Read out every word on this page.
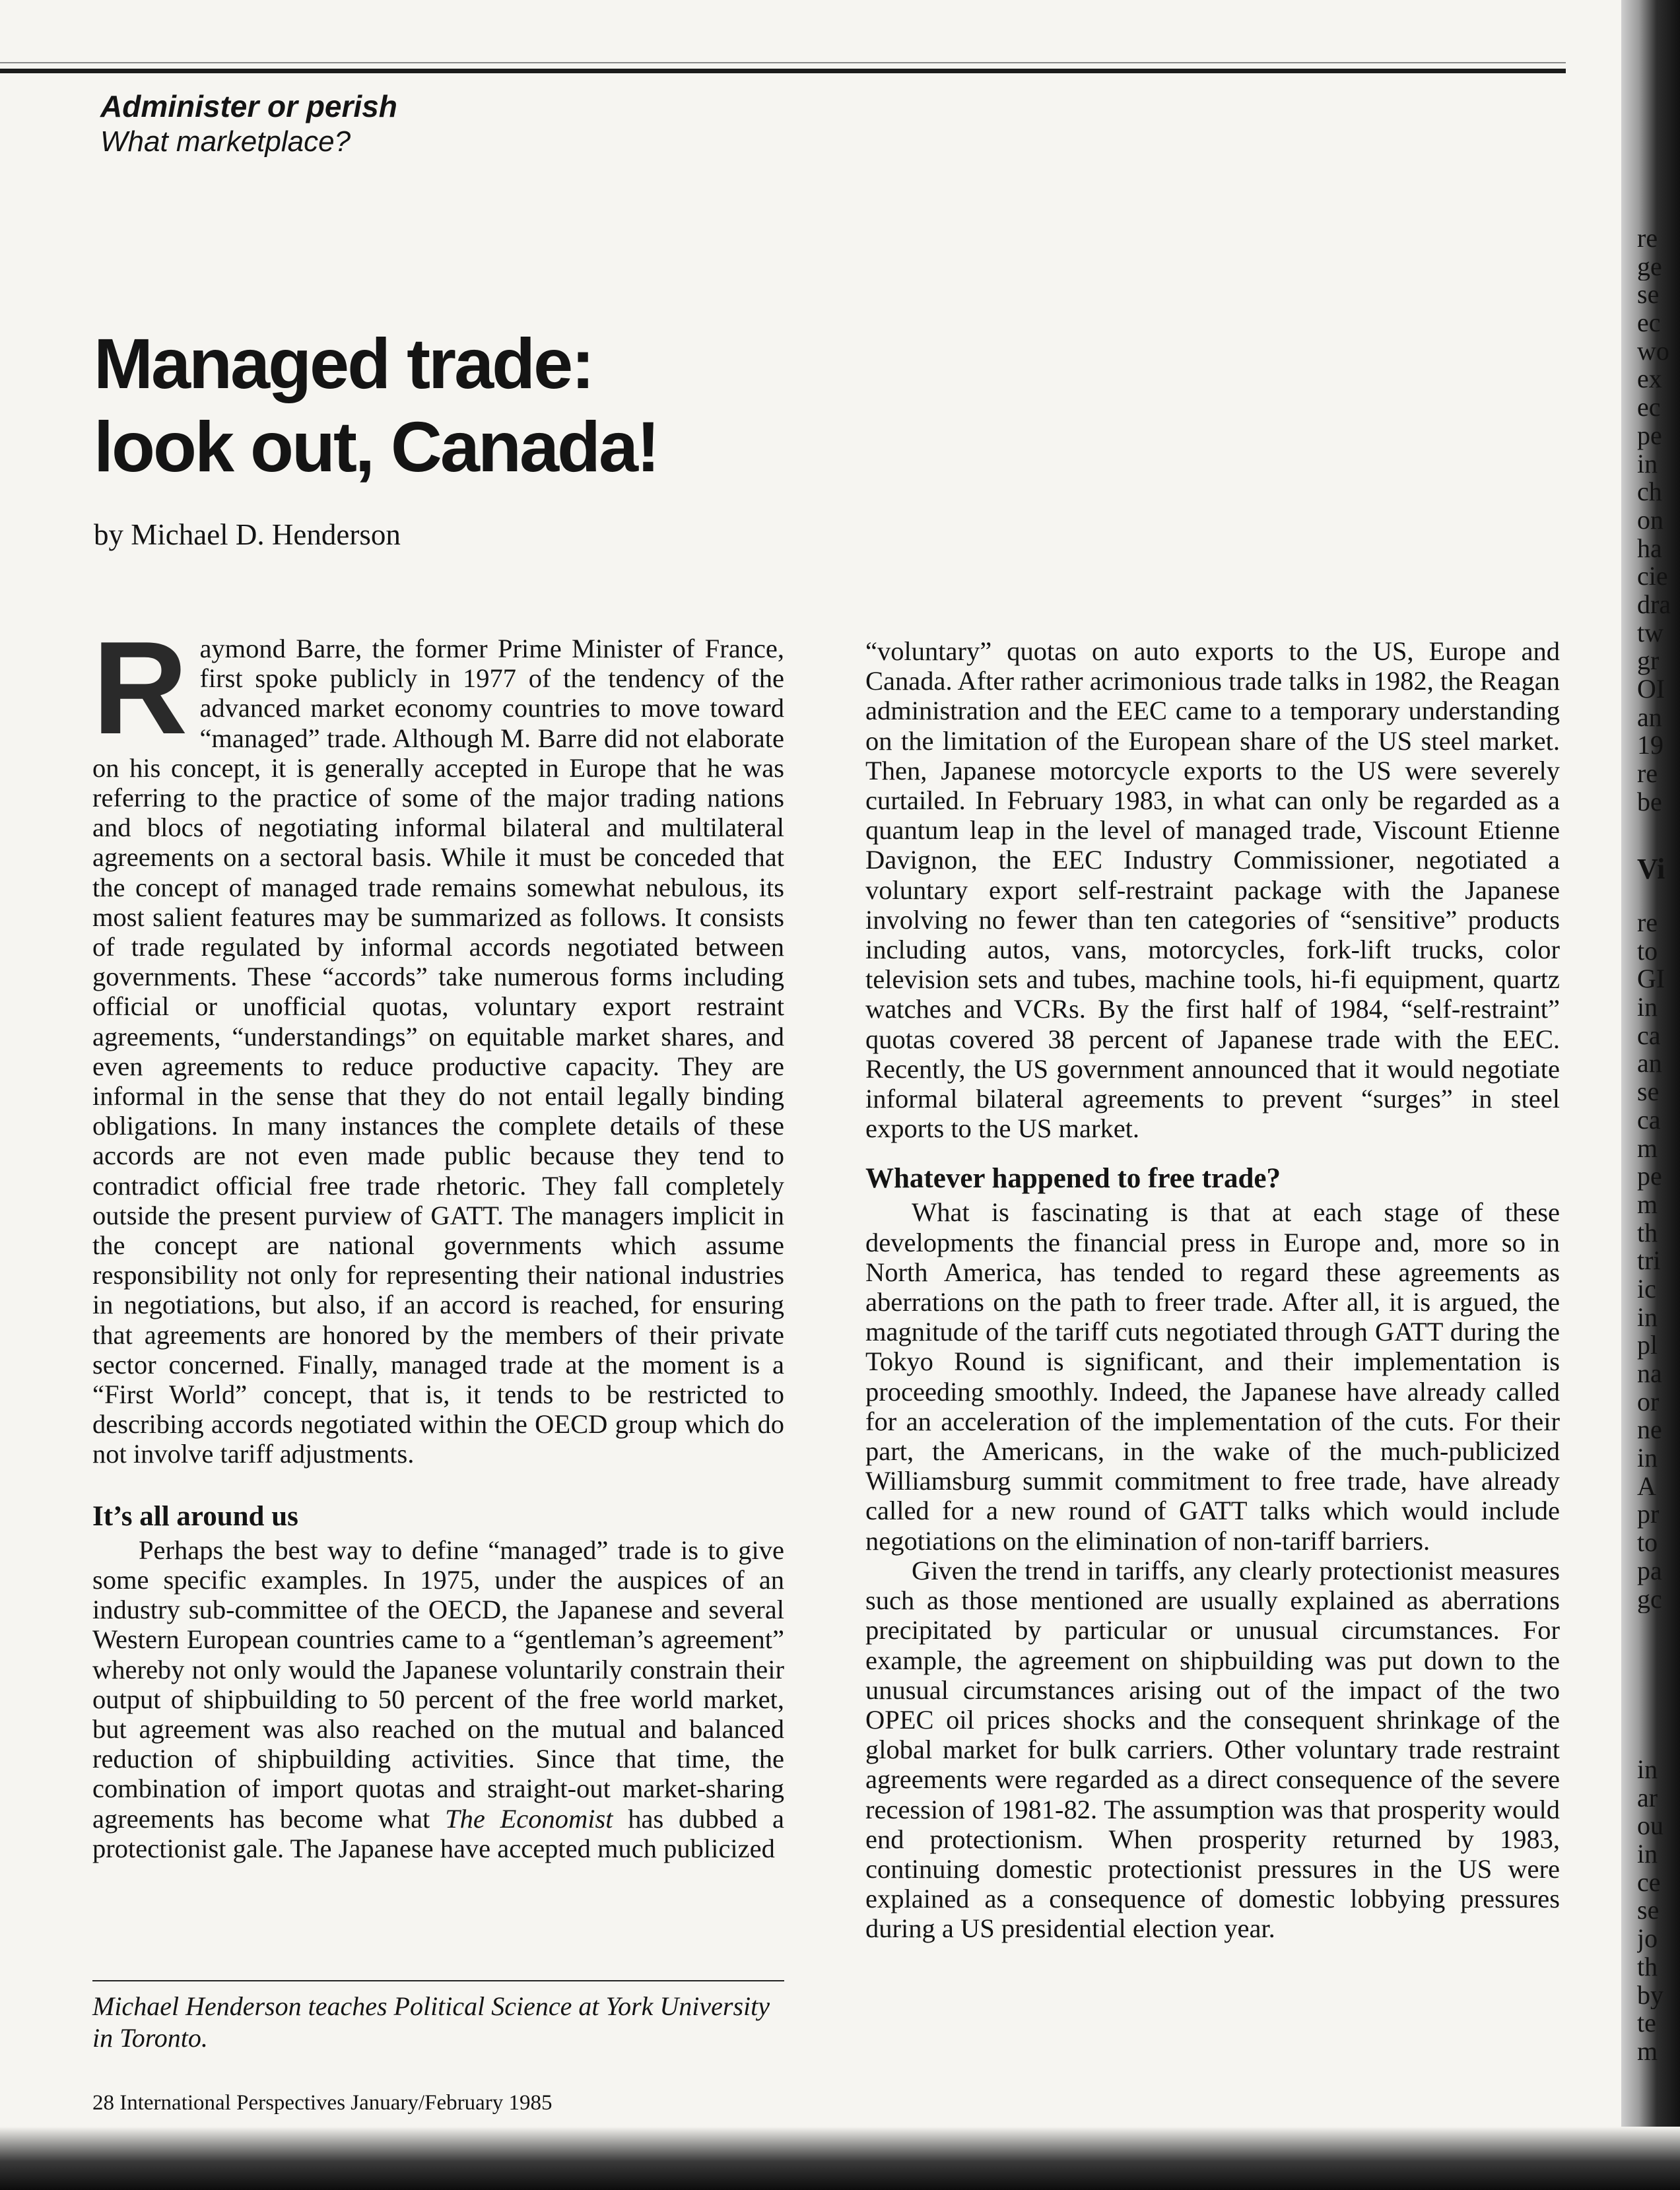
Administer or perish
What marketplace?
Managed trade:
look out, Canada!
by Michael D. Henderson

Raymond Barre, the former Prime Minister of France, first spoke publicly in 1977 of the tendency of the advanced market economy countries to move toward “managed” trade. Although M. Barre did not elaborate on his concept, it is generally accepted in Europe that he was referring to the practice of some of the major trading nations and blocs of negotiating informal bilateral and multilateral agreements on a sectoral basis. While it must be conceded that the concept of managed trade remains somewhat nebulous, its most salient features may be summarized as follows. It consists of trade regulated by informal accords negotiated between governments. These “accords” take numerous forms including official or unofficial quotas, voluntary export restraint agreements, “understandings” on equitable market shares, and even agreements to reduce productive capacity. They are informal in the sense that they do not entail legally binding obligations. In many instances the complete details of these accords are not even made public because they tend to contradict official free trade rhetoric. They fall completely outside the present purview of GATT. The managers implicit in the concept are national governments which assume responsibility not only for representing their national industries in negotiations, but also, if an accord is reached, for ensuring that agreements are honored by the members of their private sector concerned. Finally, managed trade at the moment is a “First World” concept, that is, it tends to be restricted to describing accords negotiated within the OECD group which do not involve tariff adjustments.

It’s all around us

Perhaps the best way to define “managed” trade is to give some specific examples. In 1975, under the auspices of an industry sub-committee of the OECD, the Japanese and several Western European countries came to a “gentleman’s agreement” whereby not only would the Japanese voluntarily constrain their output of shipbuilding to 50 percent of the free world market, but agreement was also reached on the mutual and balanced reduction of shipbuilding activities. Since that time, the combination of import quotas and straight-out market-sharing agreements has become what The Economist has dubbed a protectionist gale. The Japanese have accepted much publicized

“voluntary” quotas on auto exports to the US, Europe and Canada. After rather acrimonious trade talks in 1982, the Reagan administration and the EEC came to a temporary understanding on the limitation of the European share of the US steel market. Then, Japanese motorcycle exports to the US were severely curtailed. In February 1983, in what can only be regarded as a quantum leap in the level of managed trade, Viscount Etienne Davignon, the EEC Industry Commissioner, negotiated a voluntary export self-restraint package with the Japanese involving no fewer than ten categories of “sensitive” products including autos, vans, motorcycles, fork-lift trucks, color television sets and tubes, machine tools, hi-fi equipment, quartz watches and VCRs. By the first half of 1984, “self-restraint” quotas covered 38 percent of Japanese trade with the EEC. Recently, the US government announced that it would negotiate informal bilateral agreements to prevent “surges” in steel exports to the US market.

Whatever happened to free trade?

What is fascinating is that at each stage of these developments the financial press in Europe and, more so in North America, has tended to regard these agreements as aberrations on the path to freer trade. After all, it is argued, the magnitude of the tariff cuts negotiated through GATT during the Tokyo Round is significant, and their implementation is proceeding smoothly. Indeed, the Japanese have already called for an acceleration of the implementation of the cuts. For their part, the Americans, in the wake of the much-publicized Williamsburg summit commitment to free trade, have already called for a new round of GATT talks which would include negotiations on the elimination of non-tariff barriers.

Given the trend in tariffs, any clearly protectionist measures such as those mentioned are usually explained as aberrations precipitated by particular or unusual circumstances. For example, the agreement on shipbuilding was put down to the unusual circumstances arising out of the impact of the two OPEC oil prices shocks and the consequent shrinkage of the global market for bulk carriers. Other voluntary trade restraint agreements were regarded as a direct consequence of the severe recession of 1981-82. The assumption was that prosperity would end protectionism. When prosperity returned by 1983, continuing domestic protectionist pressures in the US were explained as a consequence of domestic lobbying pressures during a US presidential election year.

Michael Henderson teaches Political Science at York University in Toronto.
28 International Perspectives January/February 1985
re
ge
se
ec
wo
ex
ec
pe
in
ch
on
ha
cie
dra
tw
gr
OI
an
19
re
be
Vi
re
to
GI
in
ca
an
se
ca
m
pe
m
th
tri
ic
in
pl
na
or
ne
in
A
pr
to
pa
gc
in
ar
ou
in
ce
se
jo
th
by
te
m
